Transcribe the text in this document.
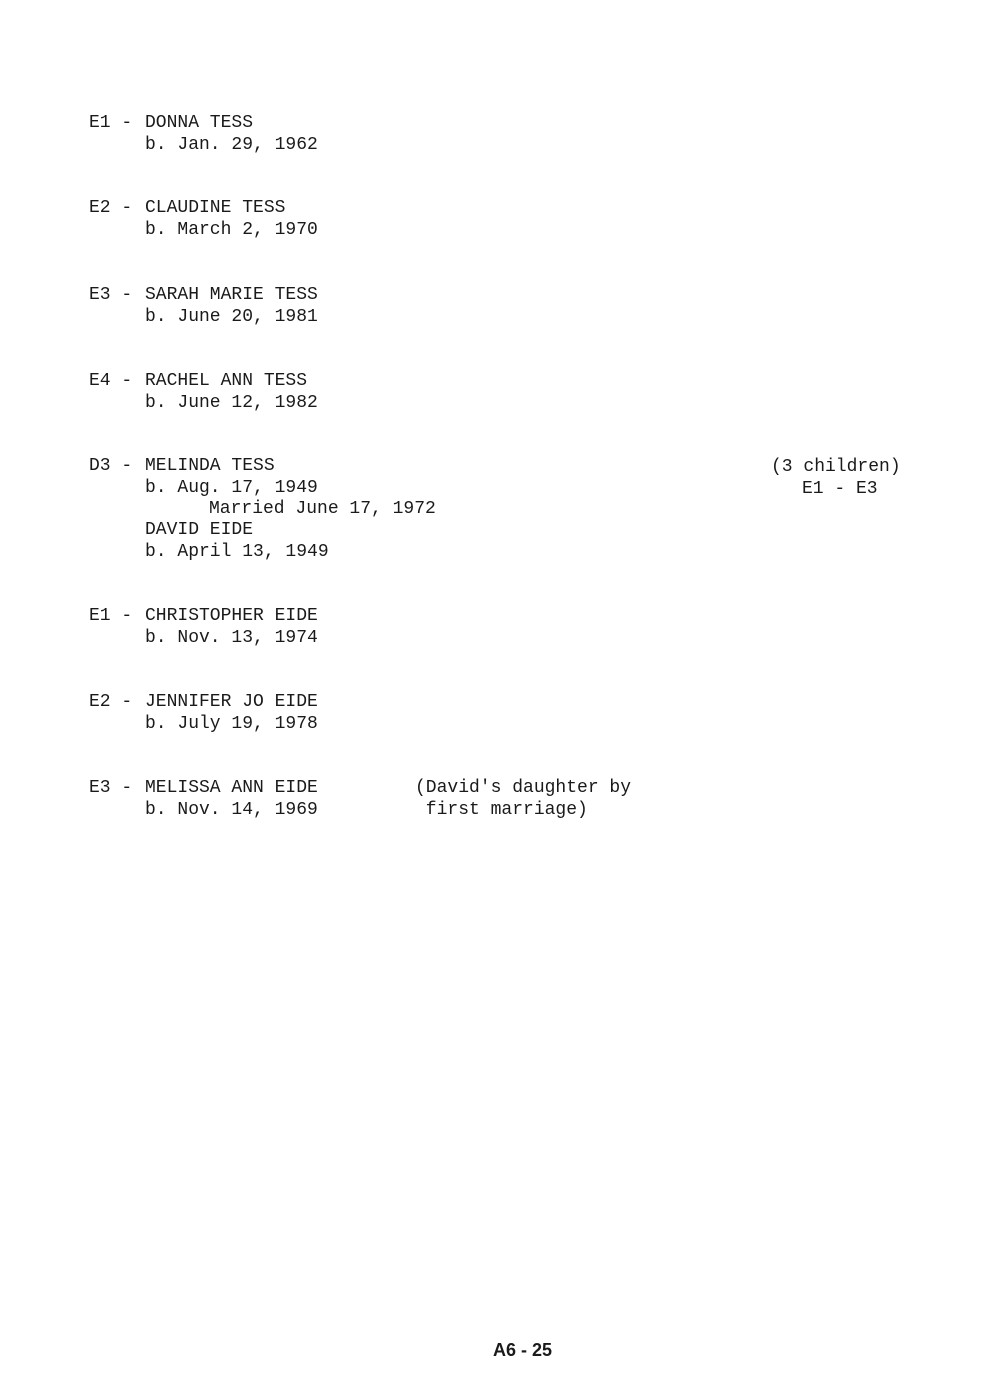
E1 - DONNA TESS
b. Jan. 29, 1962
E2 - CLAUDINE TESS
b. March 2, 1970
E3 - SARAH MARIE TESS
b. June 20, 1981
E4 - RACHEL ANN TESS
b. June 12, 1982
D3 - MELINDA TESS
b. Aug. 17, 1949
Married June 17, 1972
DAVID EIDE
b. April 13, 1949
(3 children)
E1 - E3
E1 - CHRISTOPHER EIDE
b. Nov. 13, 1974
E2 - JENNIFER JO EIDE
b. July 19, 1978
E3 - MELISSA ANN EIDE
b. Nov. 14, 1969
(David's daughter by
first marriage)
A6 - 25
